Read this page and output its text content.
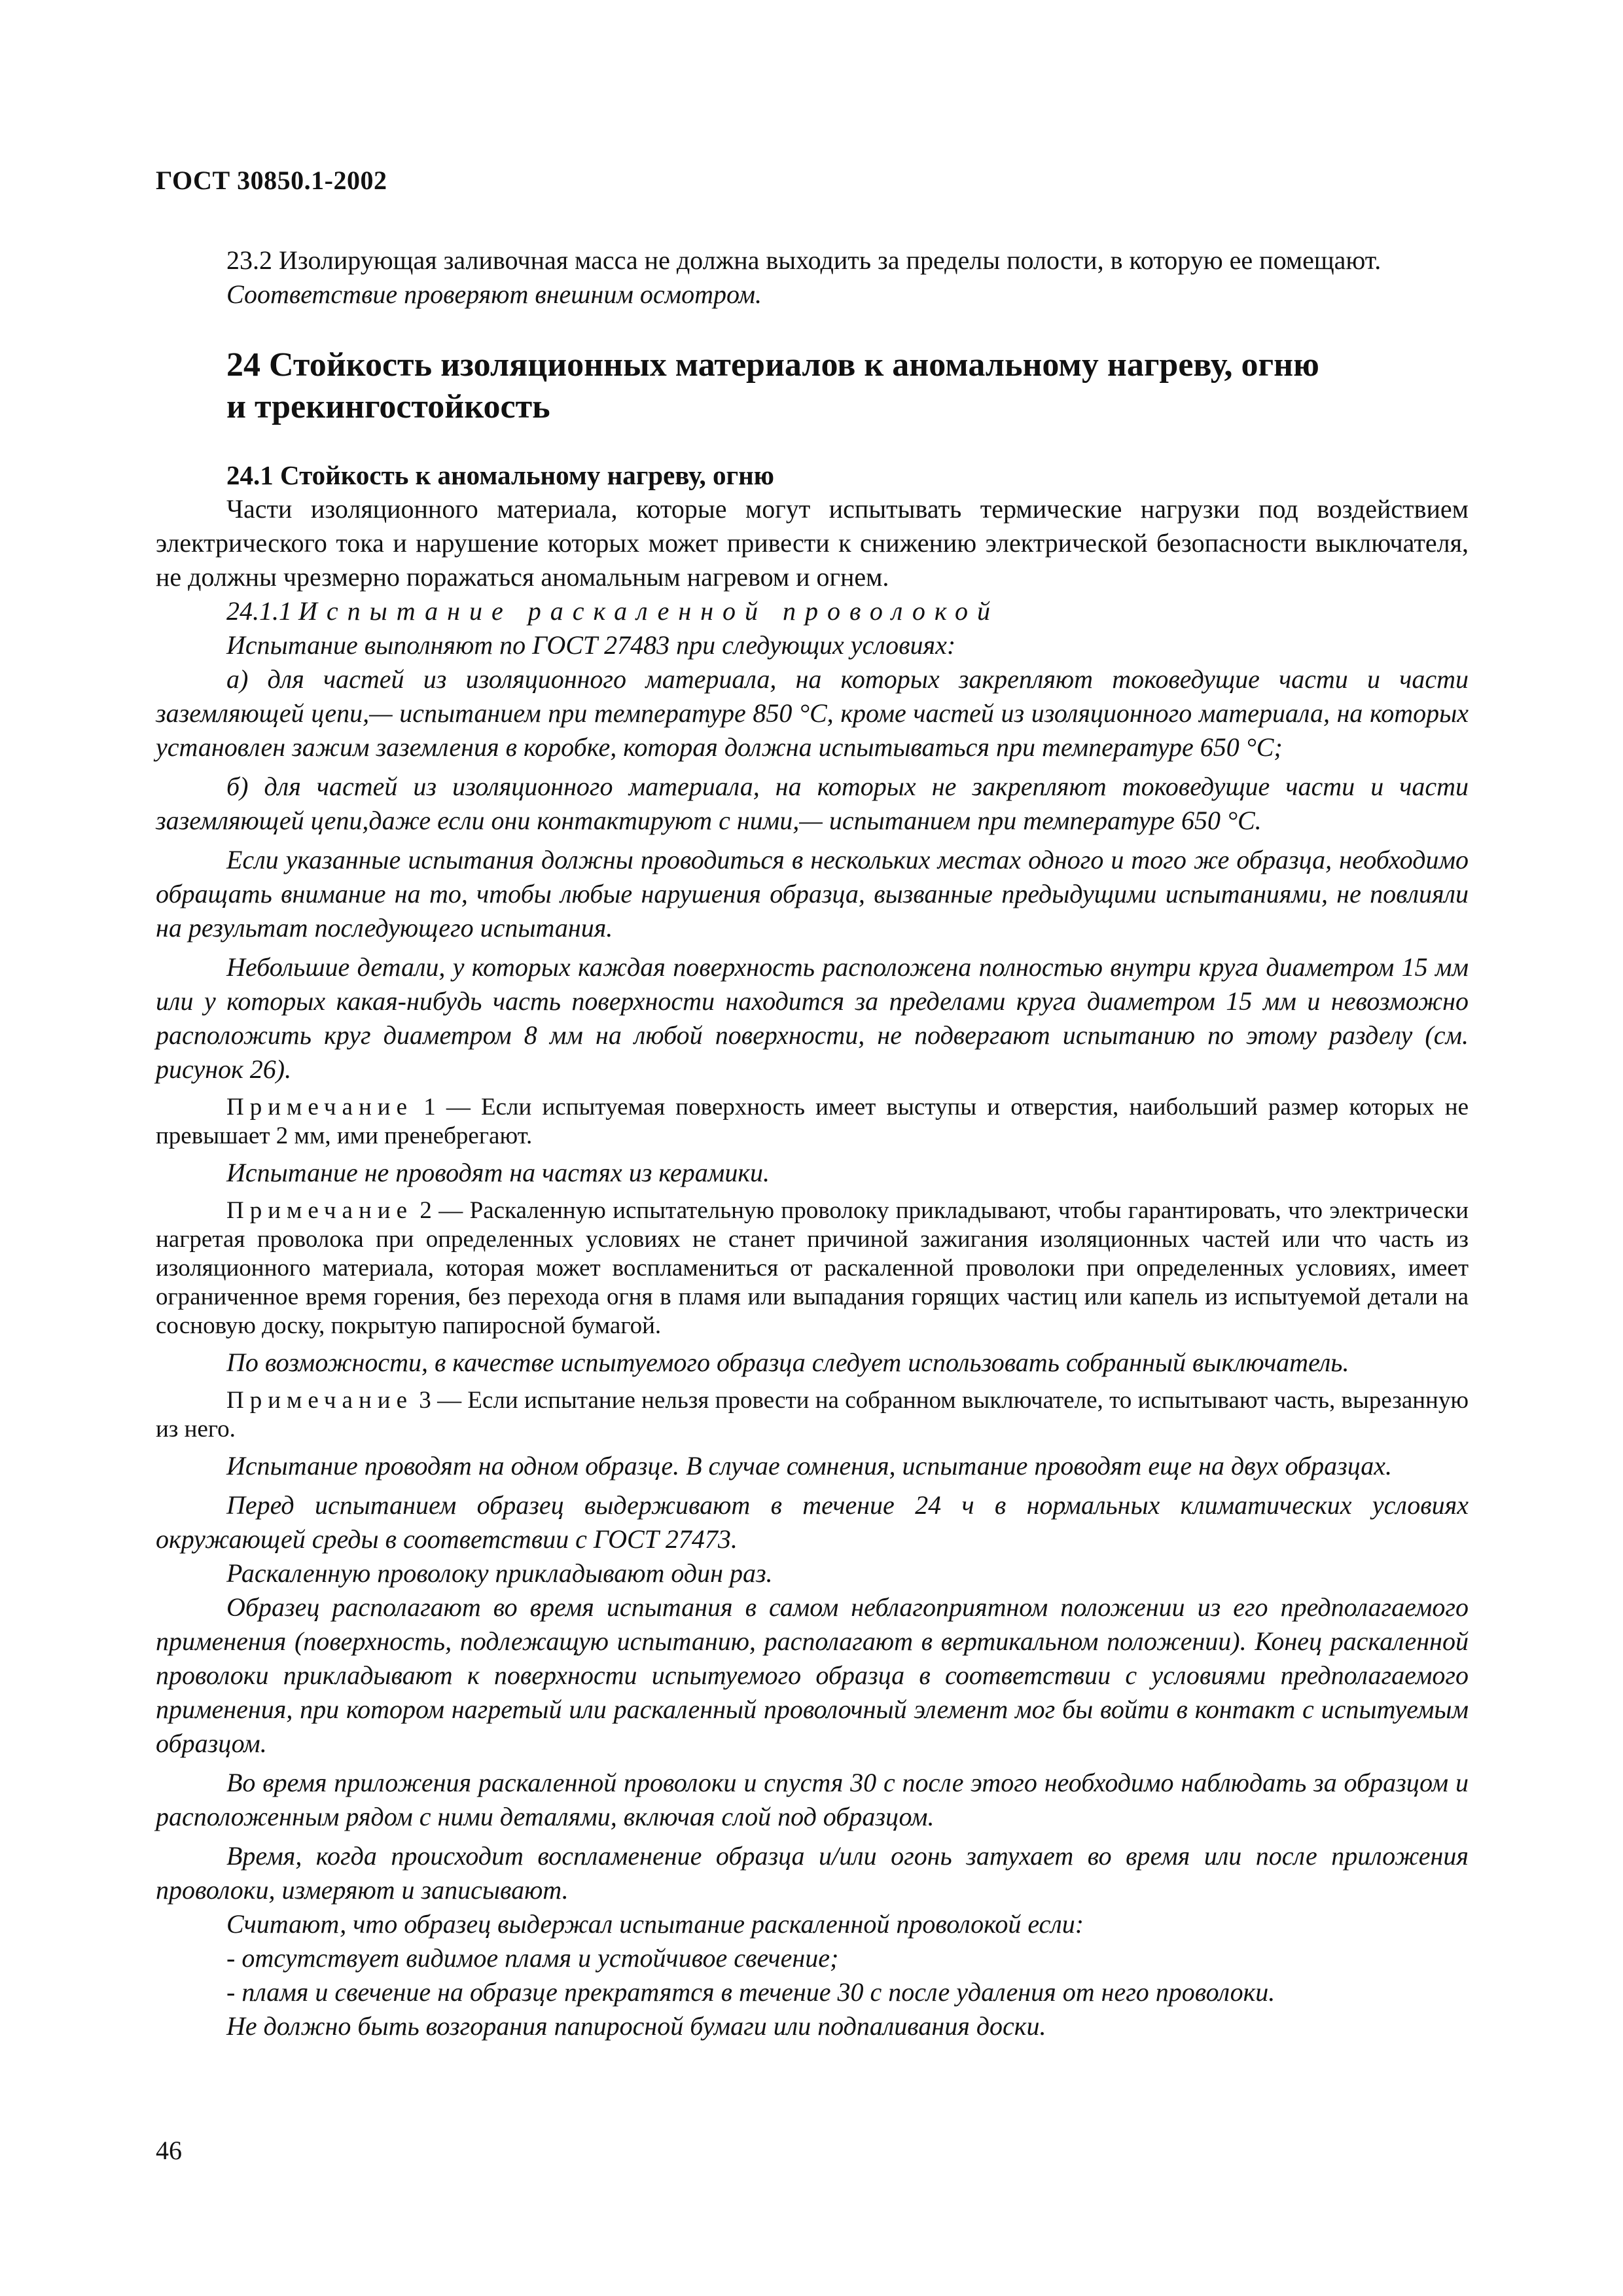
ГОСТ 30850.1-2002

23.2 Изолирующая заливочная масса не должна выходить за пределы полости, в которую ее помещают.

Соответствие проверяют внешним осмотром.

24 Стойкость изоляционных материалов к аномальному нагреву, огню и трекингостойкость

24.1 Стойкость к аномальному нагреву, огню

Части изоляционного материала, которые могут испытывать термические нагрузки под воздействием электрического тока и нарушение которых может привести к снижению электрической безопасности выключателя, не должны чрезмерно поражаться аномальным нагревом и огнем.

24.1.1 Испытание раскаленной проволокой

Испытание выполняют по ГОСТ 27483 при следующих условиях:

а) для частей из изоляционного материала, на которых закрепляют токоведущие части и части заземляющей цепи,— испытанием при температуре 850 °С, кроме частей из изоляционного материала, на которых установлен зажим заземления в коробке, которая должна испытываться при температуре 650 °С;

б) для частей из изоляционного материала, на которых не закрепляют токоведущие части и части заземляющей цепи,даже если они контактируют с ними,— испытанием при температуре 650 °С.

Если указанные испытания должны проводиться в нескольких местах одного и того же образца, необходимо обращать внимание на то, чтобы любые нарушения образца, вызванные предыдущими испытаниями, не повлияли на результат последующего испытания.

Небольшие детали, у которых каждая поверхность расположена полностью внутри круга диаметром 15 мм или у которых какая-нибудь часть поверхности находится за пределами круга диаметром 15 мм и невозможно расположить круг диаметром 8 мм на любой поверхности, не подвергают испытанию по этому разделу (см. рисунок 26).

Примечание 1 — Если испытуемая поверхность имеет выступы и отверстия, наибольший размер которых не превышает 2 мм, ими пренебрегают.

Испытание не проводят на частях из керамики.

Примечание 2 — Раскаленную испытательную проволоку прикладывают, чтобы гарантировать, что электрически нагретая проволока при определенных условиях не станет причиной зажигания изоляционных частей или что часть из изоляционного материала, которая может воспламениться от раскаленной проволоки при определенных условиях, имеет ограниченное время горения, без перехода огня в пламя или выпадания горящих частиц или капель из испытуемой детали на сосновую доску, покрытую папиросной бумагой.

По возможности, в качестве испытуемого образца следует использовать собранный выключатель.

Примечание 3 — Если испытание нельзя провести на собранном выключателе, то испытывают часть, вырезанную из него.

Испытание проводят на одном образце. В случае сомнения, испытание проводят еще на двух образцах.

Перед испытанием образец выдерживают в течение 24 ч в нормальных климатических условиях окружающей среды в соответствии с ГОСТ 27473.

Раскаленную проволоку прикладывают один раз.

Образец располагают во время испытания в самом неблагоприятном положении из его предполагаемого применения (поверхность, подлежащую испытанию, располагают в вертикальном положении). Конец раскаленной проволоки прикладывают к поверхности испытуемого образца в соответствии с условиями предполагаемого применения, при котором нагретый или раскаленный проволочный элемент мог бы войти в контакт с испытуемым образцом.

Во время приложения раскаленной проволоки и спустя 30 с после этого необходимо наблюдать за образцом и расположенным рядом с ними деталями, включая слой под образцом.

Время, когда происходит воспламенение образца и/или огонь затухает во время или после приложения проволоки, измеряют и записывают.

Считают, что образец выдержал испытание раскаленной проволокой если:

- отсутствует видимое пламя и устойчивое свечение;

- пламя и свечение на образце прекратятся в течение 30 с после удаления от него проволоки.

Не должно быть возгорания папиросной бумаги или подпаливания доски.

46
